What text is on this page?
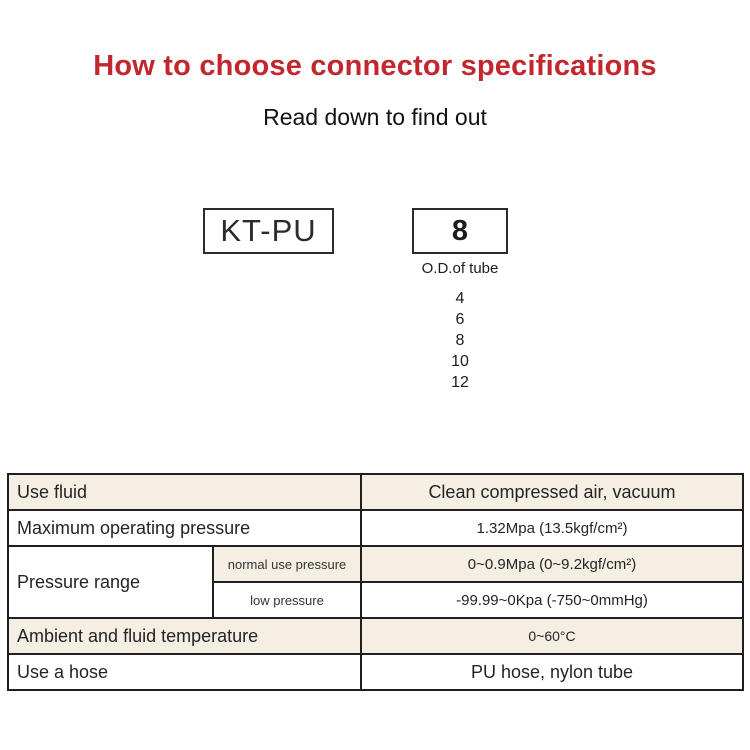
How to choose connector specifications
Read down to find out
KT-PU	8
O.D.of tube
4
6
8
10
12
Use fluid		Clean compressed air, vacuum
Maximum operating pressure		1.32Mpa (13.5kgf/cm²)
Pressure range	normal use pressure	0~0.9Mpa (0~9.2kgf/cm²)
	low pressure	-99.99~0Kpa (-750~0mmHg)
Ambient and fluid temperature		0~60°C
Use a hose		PU hose, nylon tube
